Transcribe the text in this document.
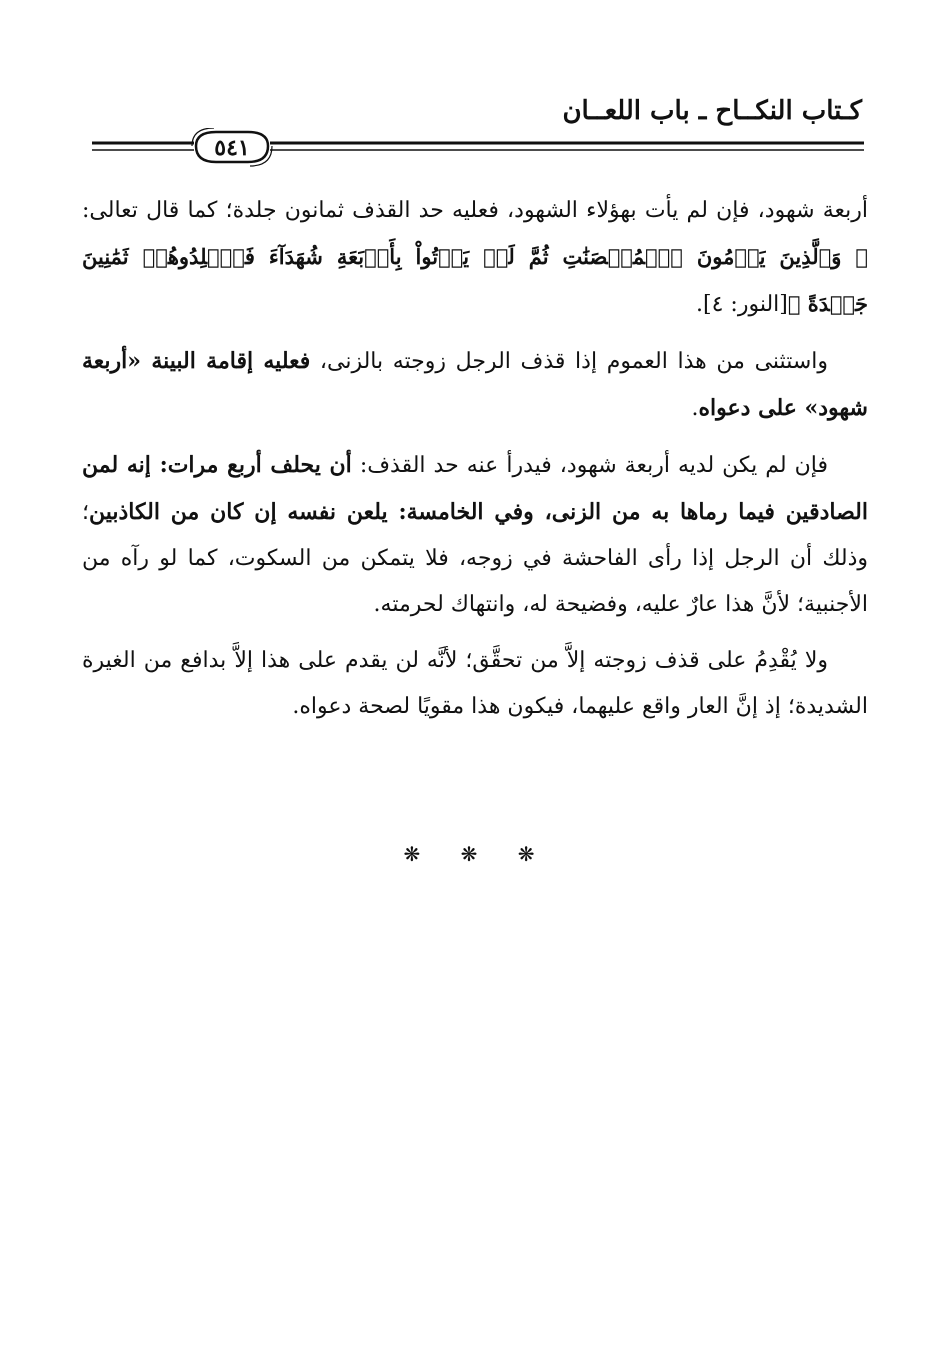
كـتاب النكــاح ـ باب اللعــان
٥٤١

أربعة شهود، فإن لم يأت بهؤلاء الشهود، فعليه حد القذف ثمانون جلدة؛ كما قال تعالى: ﴿ وَٱلَّذِينَ يَرۡمُونَ ٱلۡمُحۡصَنَٰتِ ثُمَّ لَمۡ يَأۡتُواْ بِأَرۡبَعَةِ شُهَدَآءَ فَٱجۡلِدُوهُمۡ ثَمَٰنِينَ جَلۡدَةً ﴾[النور: ٤].

واستثنى من هذا العموم إذا قذف الرجل زوجته بالزنى، فعليه إقامة البينة «أربعة شهود» على دعواه.

فإن لم يكن لديه أربعة شهود، فيدرأ عنه حد القذف: أن يحلف أربع مرات: إنه لمن الصادقين فيما رماها به من الزنى، وفي الخامسة: يلعن نفسه إن كان من الكاذبين؛ وذلك أن الرجل إذا رأى الفاحشة في زوجه، فلا يتمكن من السكوت، كما لو رآه من الأجنبية؛ لأنَّ هذا عارٌ عليه، وفضيحة له، وانتهاك لحرمته.

ولا يُقْدِمُ على قذف زوجته إلاَّ من تحقَّق؛ لأنَّه لن يقدم على هذا إلاَّ بدافع من الغيرة الشديدة؛ إذ إنَّ العار واقع عليهما، فيكون هذا مقويًا لصحة دعواه.

❋ ❋ ❋
